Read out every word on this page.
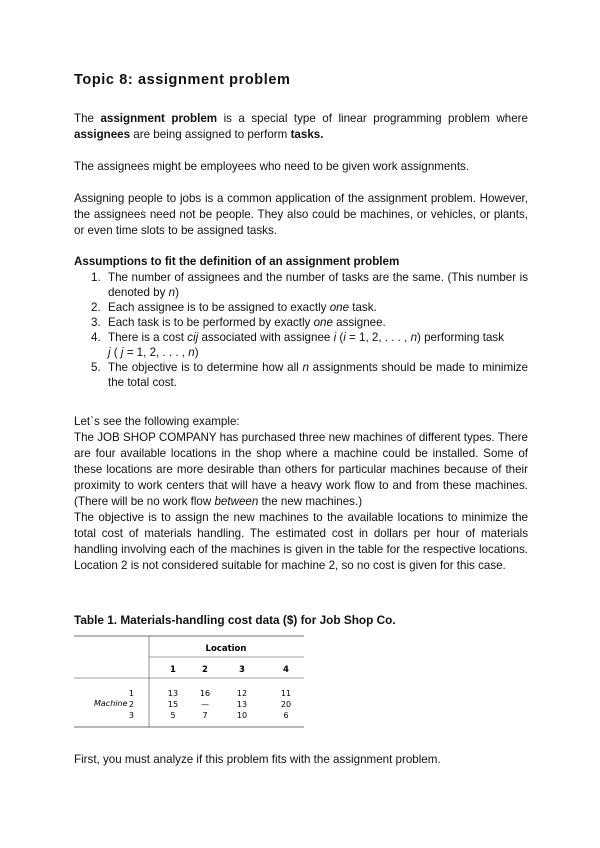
Topic 8: assignment problem

The assignment problem is a special type of linear programming problem where assignees are being assigned to perform tasks.

The assignees might be employees who need to be given work assignments.

Assigning people to jobs is a common application of the assignment problem. However, the assignees need not be people. They also could be machines, or vehicles, or plants, or even time slots to be assigned tasks.

Assumptions to fit the definition of an assignment problem

1. The number of assignees and the number of tasks are the same. (This number is denoted by n)
2. Each assignee is to be assigned to exactly one task.
3. Each task is to be performed by exactly one assignee.
4. There is a cost cij associated with assignee i (i = 1, 2, . . . , n) performing task
j ( j = 1, 2, . . . , n)
5. The objective is to determine how all n assignments should be made to minimize the total cost.

Let`s see the following example:

The JOB SHOP COMPANY has purchased three new machines of different types. There are four available locations in the shop where a machine could be installed. Some of these locations are more desirable than others for particular machines because of their proximity to work centers that will have a heavy work flow to and from these machines. (There will be no work flow between the new machines.)

The objective is to assign the new machines to the available locations to minimize the total cost of materials handling. The estimated cost in dollars per hour of materials handling involving each of the machines is given in the table for the respective locations. Location 2 is not considered suitable for machine 2, so no cost is given for this case.

Table 1. Materials-handling cost data ($) for Job Shop Co.
Location
Machine
1	2	3	4
1	13	16	12	11
2	15	—	13	20
3	5	7	10	6

First, you must analyze if this problem fits with the assignment problem.
